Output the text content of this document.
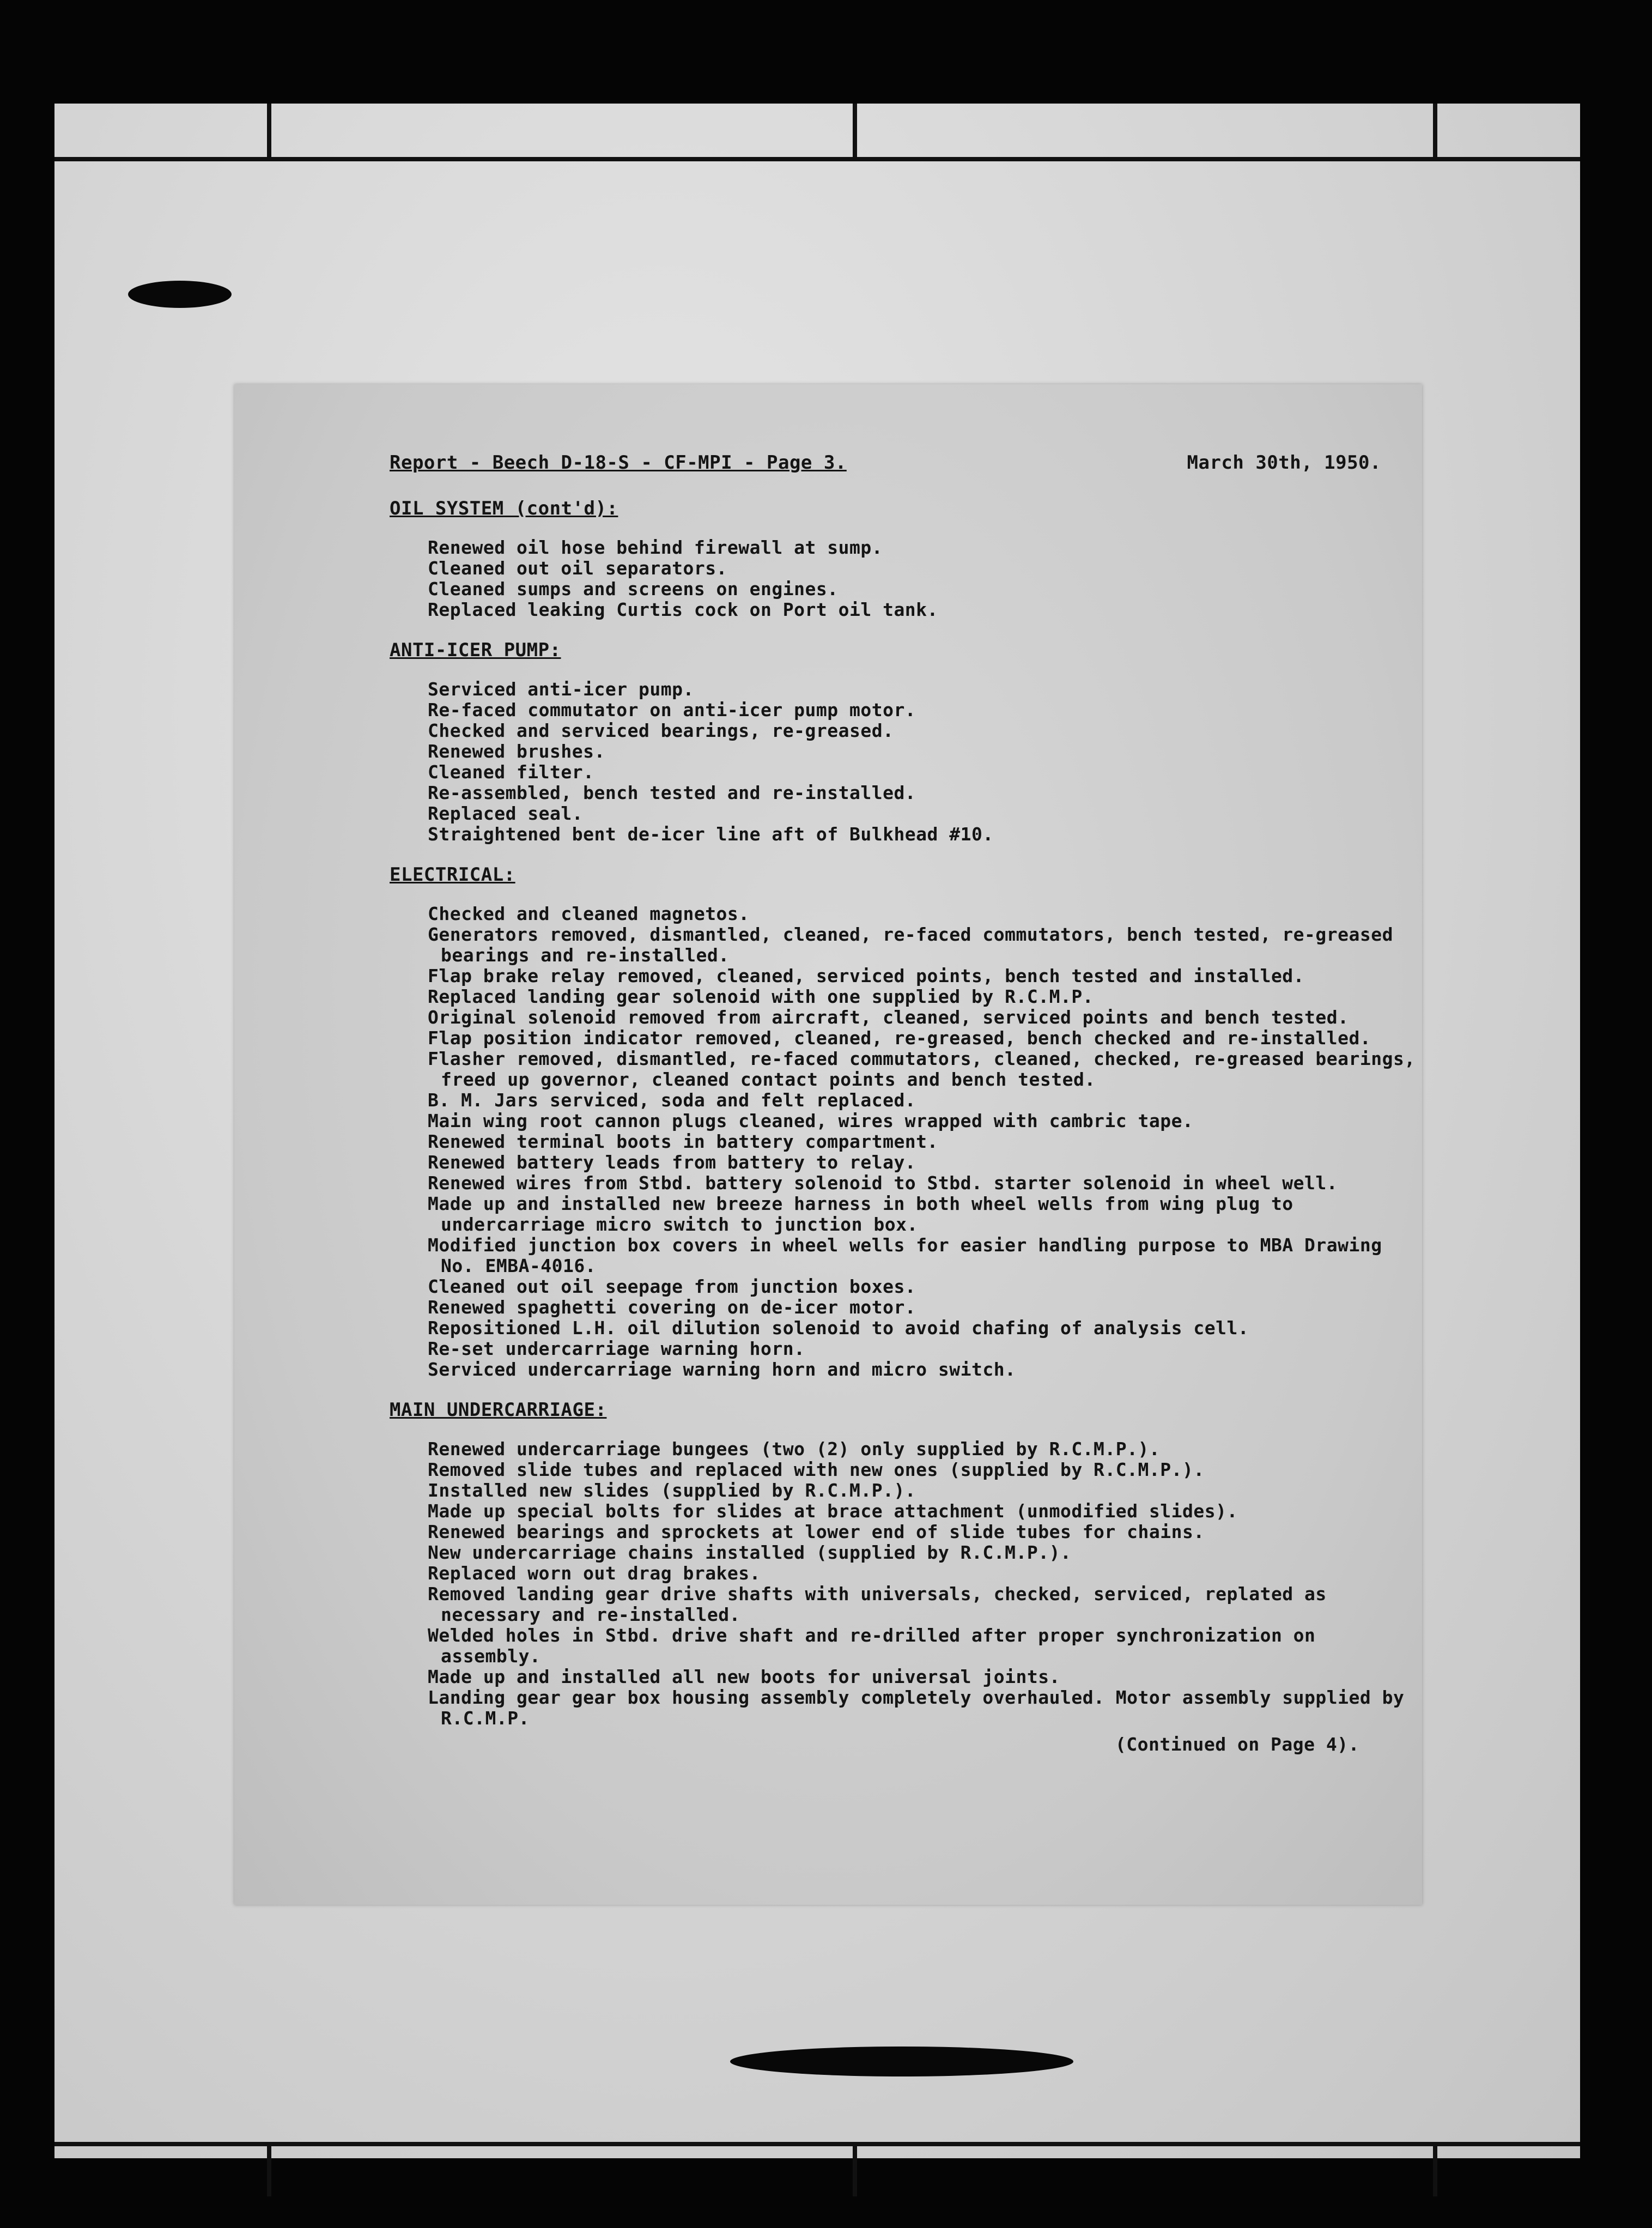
Report - Beech D-18-S - CF-MPI - Page 3.	March 30th, 1950.
OIL SYSTEM (cont'd):
Renewed oil hose behind firewall at sump.
Cleaned out oil separators.
Cleaned sumps and screens on engines.
Replaced leaking Curtis cock on Port oil tank.
ANTI-ICER PUMP:
Serviced anti-icer pump.
Re-faced commutator on anti-icer pump motor.
Checked and serviced bearings, re-greased.
Renewed brushes.
Cleaned filter.
Re-assembled, bench tested and re-installed.
Replaced seal.
Straightened bent de-icer line aft of Bulkhead #10.
ELECTRICAL:
Checked and cleaned magnetos.
Generators removed, dismantled, cleaned, re-faced commutators, bench tested, re-greased bearings and re-installed.
Flap brake relay removed, cleaned, serviced points, bench tested and installed.
Replaced landing gear solenoid with one supplied by R.C.M.P.
Original solenoid removed from aircraft, cleaned, serviced points and bench tested.
Flap position indicator removed, cleaned, re-greased, bench checked and re-installed.
Flasher removed, dismantled, re-faced commutators, cleaned, checked, re-greased bearings, freed up governor, cleaned contact points and bench tested.
B. M. Jars serviced, soda and felt replaced.
Main wing root cannon plugs cleaned, wires wrapped with cambric tape.
Renewed terminal boots in battery compartment.
Renewed battery leads from battery to relay.
Renewed wires from Stbd. battery solenoid to Stbd. starter solenoid in wheel well.
Made up and installed new breeze harness in both wheel wells from wing plug to undercarriage micro switch to junction box.
Modified junction box covers in wheel wells for easier handling purpose to MBA Drawing No. EMBA-4016.
Cleaned out oil seepage from junction boxes.
Renewed spaghetti covering on de-icer motor.
Repositioned L.H. oil dilution solenoid to avoid chafing of analysis cell.
Re-set undercarriage warning horn.
Serviced undercarriage warning horn and micro switch.
MAIN UNDERCARRIAGE:
Renewed undercarriage bungees (two (2) only supplied by R.C.M.P.).
Removed slide tubes and replaced with new ones (supplied by R.C.M.P.).
Installed new slides (supplied by R.C.M.P.).
Made up special bolts for slides at brace attachment (unmodified slides).
Renewed bearings and sprockets at lower end of slide tubes for chains.
New undercarriage chains installed (supplied by R.C.M.P.).
Replaced worn out drag brakes.
Removed landing gear drive shafts with universals, checked, serviced, replated as necessary and re-installed.
Welded holes in Stbd. drive shaft and re-drilled after proper synchronization on assembly.
Made up and installed all new boots for universal joints.
Landing gear gear box housing assembly completely overhauled. Motor assembly supplied by R.C.M.P.
(Continued on Page 4).
